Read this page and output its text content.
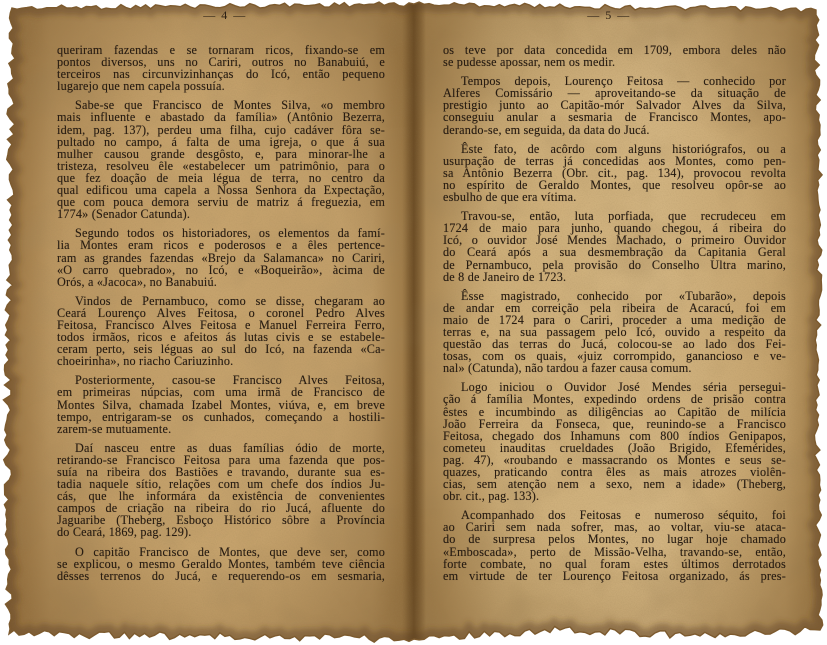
— 4 —	— 5 —
queriram fazendas e se tornaram ricos, fixando-se em
pontos diversos, uns no Cariri, outros no Banabuiú, e
terceiros nas circunvizinhanças do Icó, então pequeno
lugarejo que nem capela possuía.
Sabe-se que Francisco de Montes Silva, «o membro
mais influente e abastado da família» (Antônio Bezerra,
idem, pag. 137), perdeu uma filha, cujo cadáver fôra se-
pultado no campo, á falta de uma igreja, o que á sua
mulher causou grande desgôsto, e, para minorar-lhe a
tristeza, resolveu êle «estabelecer um patrimônio, para o
que fez doação de meia légua de terra, no centro da
qual edificou uma capela a Nossa Senhora da Expectação,
que com pouca demora serviu de matriz á freguezia, em
1774» (Senador Catunda).
Segundo todos os historiadores, os elementos da famí-
lia Montes eram ricos e poderosos e a êles pertence-
ram as grandes fazendas «Brejo da Salamanca» no Cariri,
«O carro quebrado», no Icó, e «Boqueirão», àcima de
Orós, a «Jacoca», no Banabuiú.
Vindos de Pernambuco, como se disse, chegaram ao
Ceará Lourenço Alves Feitosa, o coronel Pedro Alves
Feitosa, Francisco Alves Feitosa e Manuel Ferreira Ferro,
todos irmãos, ricos e afeitos ás lutas civis e se estabele-
ceram perto, seis léguas ao sul do Icó, na fazenda «Ca-
choeirinha», no riacho Cariuzinho.
Posteriormente, casou-se Francisco Alves Feitosa,
em primeiras núpcias, com uma irmã de Francisco de
Montes Silva, chamada Izabel Montes, viúva, e, em breve
tempo, entrigaram-se os cunhados, começando a hostili-
zarem-se mutuamente.
Daí nasceu entre as duas famílias ódio de morte,
retirando-se Francisco Feitosa para uma fazenda que pos-
suía na ribeira dos Bastiões e travando, durante sua es-
tadia naquele sítio, relações com um chefe dos índios Ju-
cás, que lhe informára da existência de convenientes
campos de criação na ribeira do rio Jucá, afluente do
Jaguaribe (Theberg, Esboço Histórico sôbre a Província
do Ceará, 1869, pag. 129).
O capitão Francisco de Montes, que deve ser, como
se explicou, o mesmo Geraldo Montes, também teve ciência
dêsses terrenos do Jucá, e requerendo-os em sesmaria,
os teve por data concedida em 1709, embora deles não
se pudesse apossar, nem os medir.
Tempos depois, Lourenço Feitosa — conhecido por
Alferes Comissário — aproveitando-se da situação de
prestigio junto ao Capitão-mór Salvador Alves da Silva,
conseguiu anular a sesmaria de Francisco Montes, apo-
derando-se, em seguida, da data do Jucá.
Êste fato, de acôrdo com alguns historiógrafos, ou a
usurpação de terras já concedidas aos Montes, como pen-
sa Antônio Bezerra (Obr. cit., pag. 134), provocou revolta
no espírito de Geraldo Montes, que resolveu opôr-se ao
esbulho de que era vítima.
Travou-se, então, luta porfiada, que recrudeceu em
1724 de maio para junho, quando chegou, á ribeira do
Icó, o ouvidor José Mendes Machado, o primeiro Ouvidor
do Ceará após a sua desmembração da Capitania Geral
de Pernambuco, pela provisão do Conselho Ultra marino,
de 8 de Janeiro de 1723.
Êsse magistrado, conhecido por «Tubarão», depois
de andar em correição pela ribeira de Acaracú, foi em
maio de 1724 para o Cariri, proceder a uma medição de
terras e, na sua passagem pelo Icó, ouvido a respeito da
questão das terras do Jucá, colocou-se ao lado dos Fei-
tosas, com os quais, «juiz corrompido, ganancioso e ve-
nal» (Catunda), não tardou a fazer causa comum.
Logo iniciou o Ouvidor José Mendes séria persegui-
ção á família Montes, expedindo ordens de prisão contra
êstes e incumbindo as diligências ao Capitão de milícia
João Ferreira da Fonseca, que, reunindo-se a Francisco
Feitosa, chegado dos Inhamuns com 800 índios Genipapos,
cometeu inauditas crueldades (João Brigido, Efemérides,
pag. 47), «roubando e massacrando os Montes e seus se-
quazes, praticando contra êles as mais atrozes violên-
cias, sem atenção nem a sexo, nem a idade» (Theberg,
obr. cit., pag. 133).
Acompanhado dos Feitosas e numeroso séquito, foi
ao Cariri sem nada sofrer, mas, ao voltar, viu-se ataca-
do de surpresa pelos Montes, no lugar hoje chamado
«Emboscada», perto de Missão-Velha, travando-se, então,
forte combate, no qual foram estes últimos derrotados
em virtude de ter Lourenço Feitosa organizado, ás pres-
